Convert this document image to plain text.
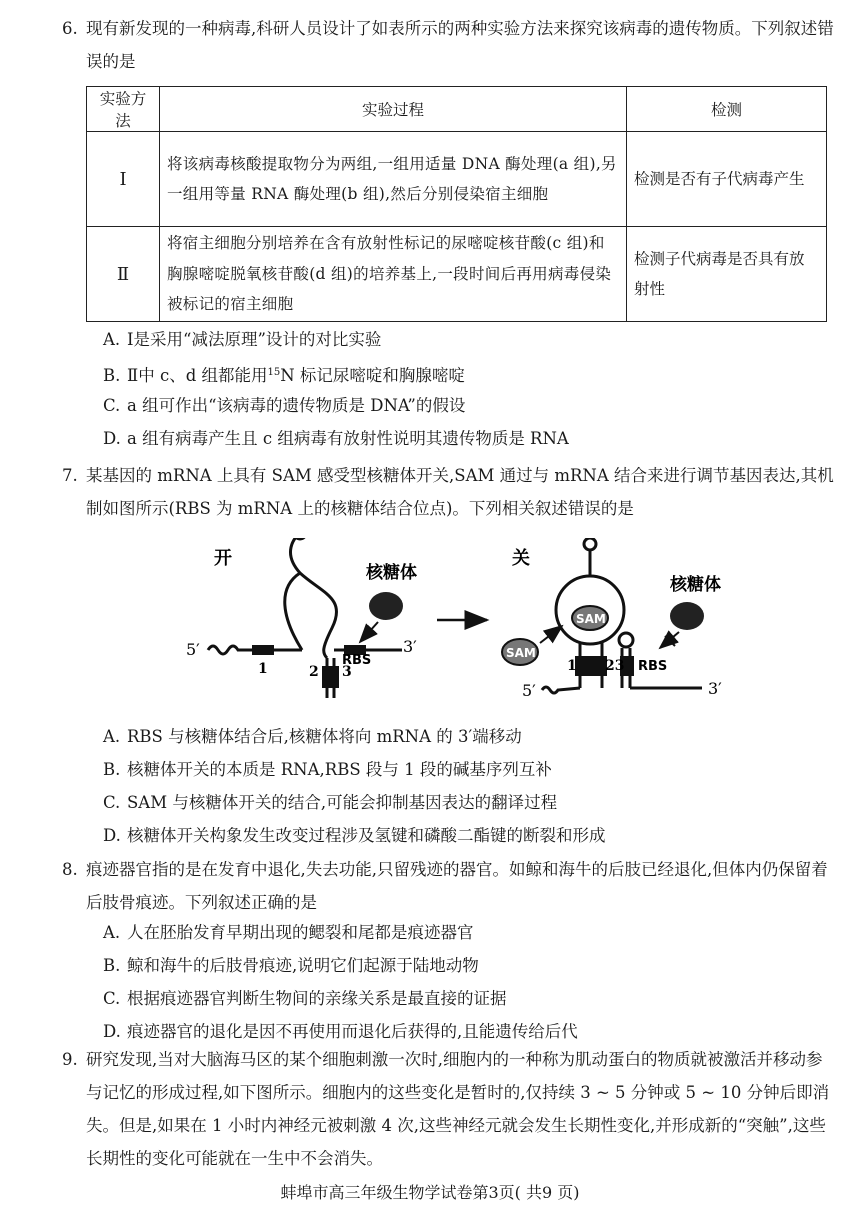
6. 现有新发现的一种病毒,科研人员设计了如表所示的两种实验方法来探究该病毒的遗传物质。下列叙述错误的是
实验方法	实验过程	检测
Ⅰ	将该病毒核酸提取物分为两组,一组用适量 DNA 酶处理(a 组),另一组用等量 RNA 酶处理(b 组),然后分别侵染宿主细胞	检测是否有子代病毒产生
Ⅱ	将宿主细胞分别培养在含有放射性标记的尿嘧啶核苷酸(c 组)和胸腺嘧啶脱氧核苷酸(d 组)的培养基上,一段时间后再用病毒侵染被标记的宿主细胞	检测子代病毒是否具有放射性
A. Ⅰ是采用“减法原理”设计的对比实验
B. Ⅱ中 c、d 组都能用$^{15}$N 标记尿嘧啶和胸腺嘧啶
C. a 组可作出“该病毒的遗传物质是 DNA”的假设
D. a 组有病毒产生且 c 组病毒有放射性说明其遗传物质是 RNA
7. 某基因的 mRNA 上具有 SAM 感受型核糖体开关,SAM 通过与 mRNA 结合来进行调节基因表达,其机制如图所示(RBS 为 mRNA 上的核糖体结合位点)。下列相关叙述错误的是
开
核糖体
5′	3′
1	2 3
RBS
关
SAM
SAM
核糖体
5′	3′
1 23 RBS
A. RBS 与核糖体结合后,核糖体将向 mRNA 的 3′端移动
B. 核糖体开关的本质是 RNA,RBS 段与 1 段的碱基序列互补
C. SAM 与核糖体开关的结合,可能会抑制基因表达的翻译过程
D. 核糖体开关构象发生改变过程涉及氢键和磷酸二酯键的断裂和形成
8. 痕迹器官指的是在发育中退化,失去功能,只留残迹的器官。如鲸和海牛的后肢已经退化,但体内仍保留着后肢骨痕迹。下列叙述正确的是
A. 人在胚胎发育早期出现的鳃裂和尾都是痕迹器官
B. 鲸和海牛的后肢骨痕迹,说明它们起源于陆地动物
C. 根据痕迹器官判断生物间的亲缘关系是最直接的证据
D. 痕迹器官的退化是因不再使用而退化后获得的,且能遗传给后代
9. 研究发现,当对大脑海马区的某个细胞刺激一次时,细胞内的一种称为肌动蛋白的物质就被激活并移动参与记忆的形成过程,如下图所示。细胞内的这些变化是暂时的,仅持续 3 ~ 5 分钟或 5 ~ 10 分钟后即消失。但是,如果在 1 小时内神经元被刺激 4 次,这些神经元就会发生长期性变化,并形成新的“突触”,这些长期性的变化可能就在一生中不会消失。
蚌埠市高三年级生物学试卷第3页( 共9 页)
